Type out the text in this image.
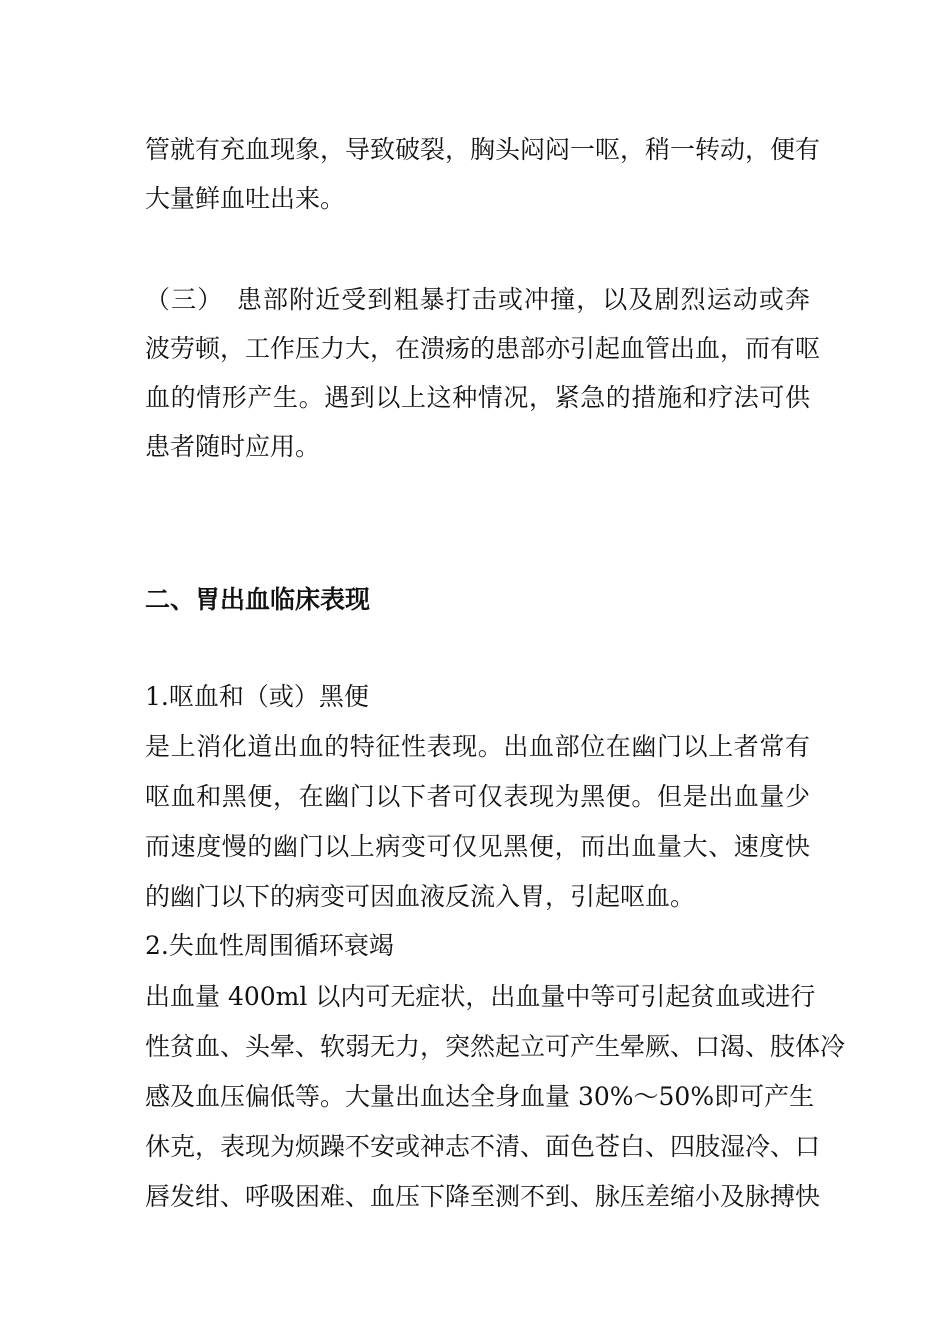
管就有充血现象，导致破裂，胸头闷闷一呕，稍一转动，便有
大量鲜血吐出来。
（三）　患部附近受到粗暴打击或冲撞，以及剧烈运动或奔
波劳顿，工作压力大，在溃疡的患部亦引起血管出血，而有呕
血的情形产生。遇到以上这种情况，紧急的措施和疗法可供
患者随时应用。
二、胃出血临床表现
1.呕血和（或）黑便
是上消化道出血的特征性表现。出血部位在幽门以上者常有
呕血和黑便，在幽门以下者可仅表现为黑便。但是出血量少
而速度慢的幽门以上病变可仅见黑便，而出血量大、速度快
的幽门以下的病变可因血液反流入胃，引起呕血。
2.失血性周围循环衰竭
出血量 400ml 以内可无症状，出血量中等可引起贫血或进行
性贫血、头晕、软弱无力，突然起立可产生晕厥、口渴、肢体冷
感及血压偏低等。大量出血达全身血量 30%～50%即可产生
休克，表现为烦躁不安或神志不清、面色苍白、四肢湿冷、口
唇发绀、呼吸困难、血压下降至测不到、脉压差缩小及脉搏快
